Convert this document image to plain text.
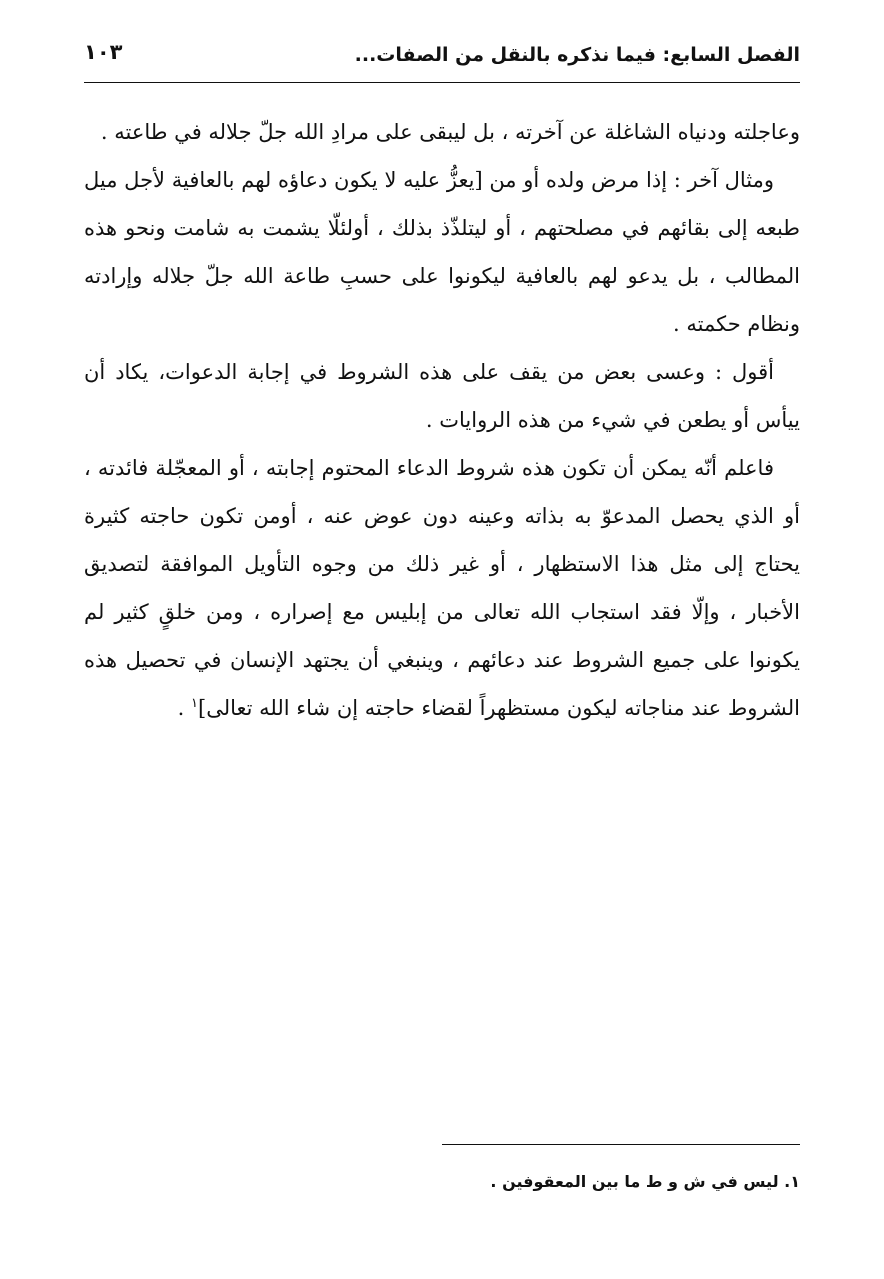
الفصل السابع: فيما نذكره بالنقل من الصفات...
١٠٣

وعاجلته ودنياه الشاغلة عن آخرته ، بل ليبقى على مرادِ الله جلّ جلاله في طاعته .

ومثال آخر : إذا مرض ولده أو من [يعزُّ عليه لا يكون دعاؤه لهم بالعافية لأجل ميل طبعه إلى بقائهم في مصلحتهم ، أو ليتلذّذ بذلك ، أولئلّا يشمت به شامت ونحو هذه المطالب ، بل يدعو لهم بالعافية ليكونوا على حسبِ طاعة الله جلّ جلاله وإرادته ونظام حكمته .

أقول : وعسى بعض من يقف على هذه الشروط في إجابة الدعوات، يكاد أن ييأس أو يطعن في شيء من هذه الروايات .

فاعلم أنّه يمكن أن تكون هذه شروط الدعاء المحتوم إجابته ، أو المعجّلة فائدته ، أو الذي يحصل المدعوّ به بذاته وعينه دون عوض عنه ، أومن تكون حاجته كثيرة يحتاج إلى مثل هذا الاستظهار ، أو غير ذلك من وجوه التأويل الموافقة لتصديق الأخبار ، وإلّا فقد استجاب الله تعالى من إبليس مع إصراره ، ومن خلقٍ كثير لم يكونوا على جميع الشروط عند دعائهم ، وينبغي أن يجتهد الإنسان في تحصيل هذه الشروط عند مناجاته ليكون مستظهراً لقضاء حاجته إن شاء الله تعالى]$^١$ .

١. ليس في ش و ط ما بين المعقوفين .
